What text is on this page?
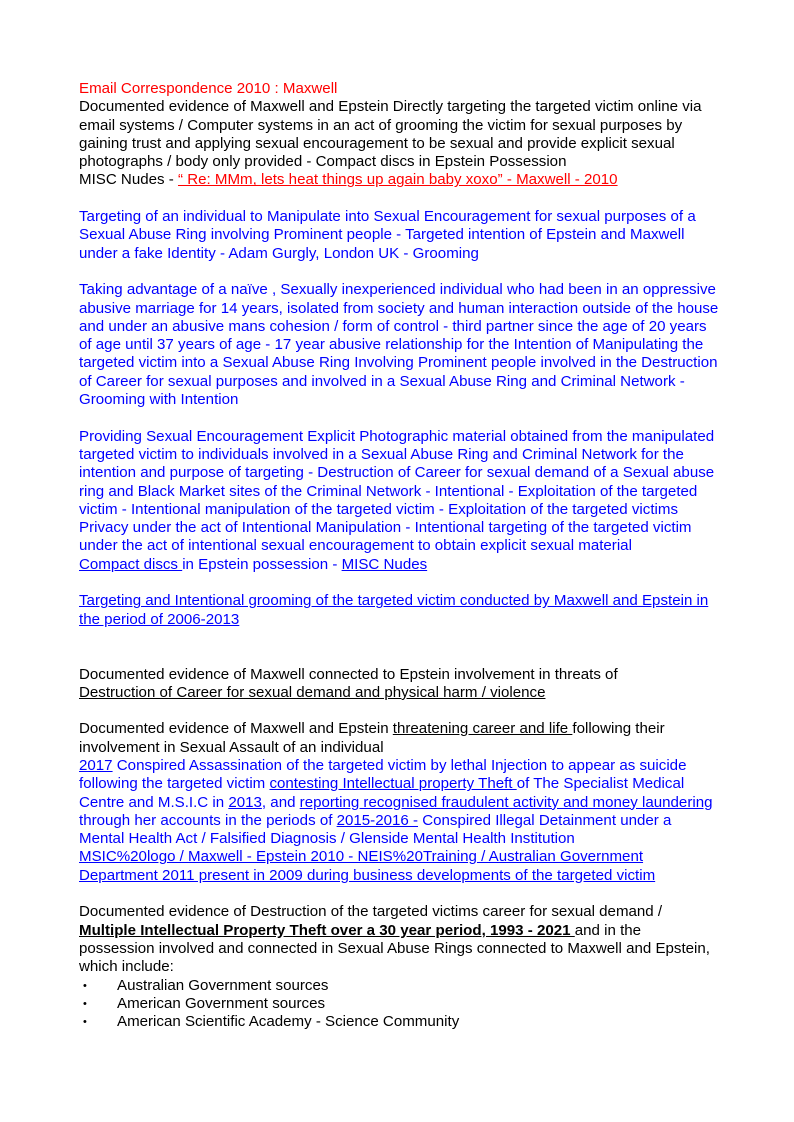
Email Correspondence 2010 : Maxwell

Documented evidence of Maxwell and Epstein Directly targeting the targeted victim online via email systems / Computer systems in an act of grooming the victim for sexual purposes by gaining trust and applying sexual encouragement to be sexual and provide explicit sexual photographs / body only provided - Compact discs in Epstein Possession
MISC Nudes - “ Re: MMm, lets heat things up again baby xoxo” - Maxwell - 2010

Targeting of an individual to Manipulate into Sexual Encouragement for sexual purposes of a Sexual Abuse Ring involving Prominent people - Targeted intention of Epstein and Maxwell under a fake Identity - Adam Gurgly, London UK - Grooming

Taking advantage of a naïve , Sexually inexperienced individual who had been in an oppressive abusive marriage for 14 years, isolated from society and human interaction outside of the house and under an abusive mans cohesion / form of control - third partner since the age of 20 years of age until 37 years of age - 17 year abusive relationship for the Intention of Manipulating the targeted victim into a Sexual Abuse Ring Involving Prominent people involved in the Destruction of Career for sexual purposes and involved in a Sexual Abuse Ring and Criminal Network - Grooming with Intention

Providing Sexual Encouragement Explicit Photographic material obtained from the manipulated targeted victim to individuals involved in a Sexual Abuse Ring and Criminal Network for the intention and purpose of targeting - Destruction of Career for sexual demand of a Sexual abuse ring and Black Market sites of the Criminal Network - Intentional - Exploitation of the targeted victim - Intentional manipulation of the targeted victim - Exploitation of the targeted victims Privacy under the act of Intentional Manipulation - Intentional targeting of the targeted victim under the act of intentional sexual encouragement to obtain explicit sexual material
Compact discs in Epstein possession - MISC Nudes

Targeting and Intentional grooming of the targeted victim conducted by Maxwell and Epstein in the period of 2006-2013

Documented evidence of Maxwell connected to Epstein involvement in threats of
Destruction of Career for sexual demand and physical harm / violence

Documented evidence of Maxwell and Epstein threatening career and life following their involvement in Sexual Assault of an individual
2017 Conspired Assassination of the targeted victim by lethal Injection to appear as suicide following the targeted victim contesting Intellectual property Theft of The Specialist Medical Centre and M.S.I.C in 2013, and reporting recognised fraudulent activity and money laundering through her accounts in the periods of 2015-2016 - Conspired Illegal Detainment under a Mental Health Act / Falsified Diagnosis / Glenside Mental Health Institution
MSIC%20logo / Maxwell - Epstein 2010 - NEIS%20Training / Australian Government Department 2011 present in 2009 during business developments of the targeted victim

Documented evidence of Destruction of the targeted victims career for sexual demand /
Multiple Intellectual Property Theft over a 30 year period, 1993 - 2021 and in the possession involved and connected in Sexual Abuse Rings connected to Maxwell and Epstein, which include:

• Australian Government sources
• American Government sources
• American Scientific Academy - Science Community
